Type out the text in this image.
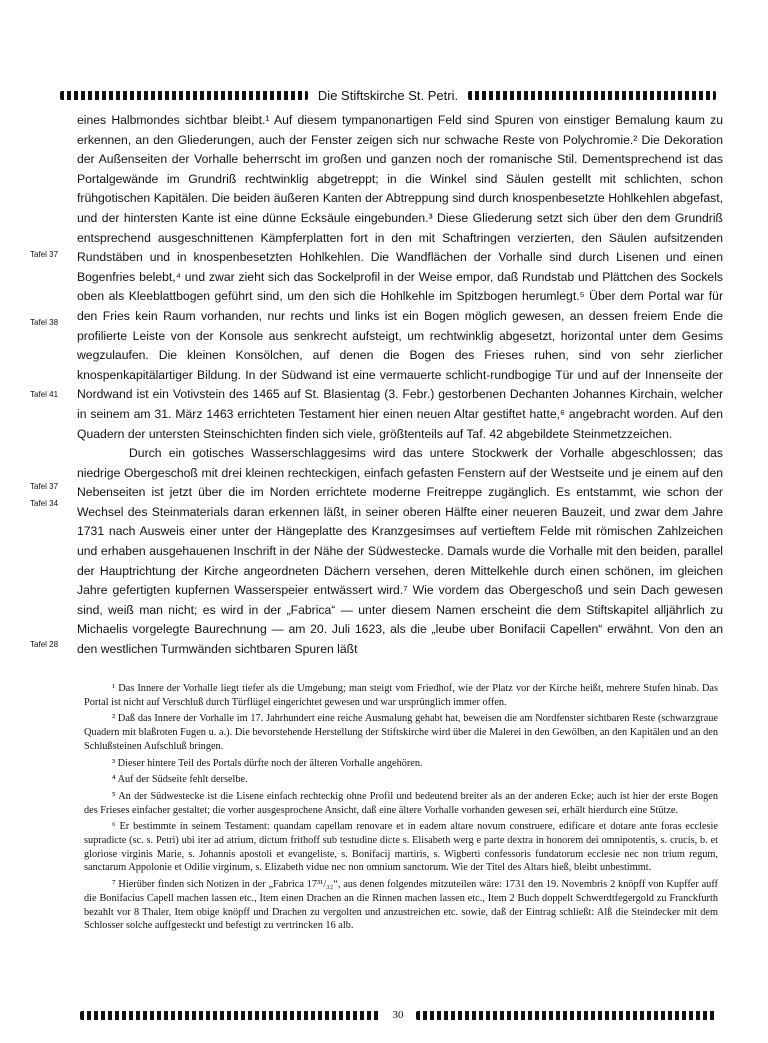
Die Stiftskirche St. Petri.
Tafel 37
Tafel 38
Tafel 41
Tafel 37
Tafel 34
Tafel 28

eines Halbmondes sichtbar bleibt.¹ Auf diesem tympanonartigen Feld sind Spuren von einstiger Bemalung kaum zu erkennen, an den Gliederungen, auch der Fenster zeigen sich nur schwache Reste von Polychromie.² Die Dekoration der Außenseiten der Vorhalle beherrscht im großen und ganzen noch der romanische Stil. Dementsprechend ist das Portalgewände im Grundriß rechtwinklig abgetreppt; in die Winkel sind Säulen gestellt mit schlichten, schon frühgotischen Kapitälen. Die beiden äußeren Kanten der Abtreppung sind durch knospenbesetzte Hohlkehlen abgefast, und der hintersten Kante ist eine dünne Ecksäule eingebunden.³ Diese Gliederung setzt sich über den dem Grundriß entsprechend ausgeschnittenen Kämpferplatten fort in den mit Schaftringen verzierten, den Säulen aufsitzenden Rundstäben und in knospenbesetzten Hohlkehlen. Die Wandflächen der Vorhalle sind durch Lisenen und einen Bogenfries belebt,⁴ und zwar zieht sich das Sockelprofil in der Weise empor, daß Rundstab und Plättchen des Sockels oben als Kleeblattbogen geführt sind, um den sich die Hohlkehle im Spitzbogen herumlegt.⁵ Über dem Portal war für den Fries kein Raum vorhanden, nur rechts und links ist ein Bogen möglich gewesen, an dessen freiem Ende die profilierte Leiste von der Konsole aus senkrecht aufsteigt, um rechtwinklig abgesetzt, horizontal unter dem Gesims wegzulaufen. Die kleinen Konsölchen, auf denen die Bogen des Frieses ruhen, sind von sehr zierlicher knospenkapitälartiger Bildung. In der Südwand ist eine vermauerte schlicht-rundbogige Tür und auf der Innenseite der Nordwand ist ein Votivstein des 1465 auf St. Blasientag (3. Febr.) gestorbenen Dechanten Johannes Kirchain, welcher in seinem am 31. März 1463 errichteten Testament hier einen neuen Altar gestiftet hatte,⁶ angebracht worden. Auf den Quadern der untersten Steinschichten finden sich viele, größtenteils auf Taf. 42 abgebildete Steinmetzzeichen.

Durch ein gotisches Wasserschlaggesims wird das untere Stockwerk der Vorhalle abgeschlossen; das niedrige Obergeschoß mit drei kleinen rechteckigen, einfach gefasten Fenstern auf der Westseite und je einem auf den Nebenseiten ist jetzt über die im Norden errichtete moderne Freitreppe zugänglich. Es entstammt, wie schon der Wechsel des Steinmaterials daran erkennen läßt, in seiner oberen Hälfte einer neueren Bauzeit, und zwar dem Jahre 1731 nach Ausweis einer unter der Hängeplatte des Kranzgesimses auf vertieftem Felde mit römischen Zahlzeichen und erhaben ausgehauenen Inschrift in der Nähe der Südwestecke. Damals wurde die Vorhalle mit den beiden, parallel der Hauptrichtung der Kirche angeordneten Dächern versehen, deren Mittelkehle durch einen schönen, im gleichen Jahre gefertigten kupfernen Wasserspeier entwässert wird.⁷ Wie vordem das Obergeschoß und sein Dach gewesen sind, weiß man nicht; es wird in der „Fabrica“ — unter diesem Namen erscheint die dem Stiftskapitel alljährlich zu Michaelis vorgelegte Baurechnung — am 20. Juli 1623, als die „leube uber Bonifacii Capellen“ erwähnt. Von den an den westlichen Turmwänden sichtbaren Spuren läßt

¹ Das Innere der Vorhalle liegt tiefer als die Umgebung; man steigt vom Friedhof, wie der Platz vor der Kirche heißt, mehrere Stufen hinab. Das Portal ist nicht auf Verschluß durch Türflügel eingerichtet gewesen und war ursprünglich immer offen.

² Daß das Innere der Vorhalle im 17. Jahrhundert eine reiche Ausmalung gehabt hat, beweisen die am Nordfenster sichtbaren Reste (schwarzgraue Quadern mit blaßroten Fugen u. a.). Die bevorstehende Herstellung der Stiftskirche wird über die Malerei in den Gewölben, an den Kapitälen und an den Schlußsteinen Aufschluß bringen.

³ Dieser hintere Teil des Portals dürfte noch der älteren Vorhalle angehören.

⁴ Auf der Südseite fehlt derselbe.

⁵ An der Südwestecke ist die Lisene einfach rechteckig ohne Profil und bedeutend breiter als an der anderen Ecke; auch ist hier der erste Bogen des Frieses einfacher gestaltet; die vorher ausgesprochene Ansicht, daß eine ältere Vorhalle vorhanden gewesen sei, erhält hierdurch eine Stütze.

⁶ Er bestimmte in seinem Testament: quandam capellam renovare et in eadem altare novum construere, edificare et dotare ante foras ecclesie supradicte (sc. s. Petri) ubi iter ad atrium, dictum frithoff sub testudine dicte s. Elisabeth werg e parte dextra in honorem dei omnipotentis, s. crucis, b. et gloriose virginis Marie, s. Johannis apostoli et evangeliste, s. Bonifacij martiris, s. Wigberti confessoris fundatorum ecclesie nec non trium regum, sanctarum Appolonie et Odilie virginum, s. Elizabeth vidue nec non omnium sanctorum. Wie der Titel des Altars hieß, bleibt unbestimmt.

⁷ Hierüber finden sich Notizen in der „Fabrica 17³¹/₃₂“, aus denen folgendes mitzuteilen wäre: 1731 den 19. Novembris 2 knöpff von Kupffer auff die Bonifacius Capell machen lassen etc., Item einen Drachen an die Rinnen machen lassen etc., Item 2 Buch doppelt Schwerdtfegergold zu Franckfurth bezahlt vor 8 Thaler, Item obige knöpff und Drachen zu vergolten und anzustreichen etc. sowie, daß der Eintrag schließt: Alß die Steindecker mit dem Schlosser solche auffgesteckt und befestigt zu vertrincken 16 alb.

30
